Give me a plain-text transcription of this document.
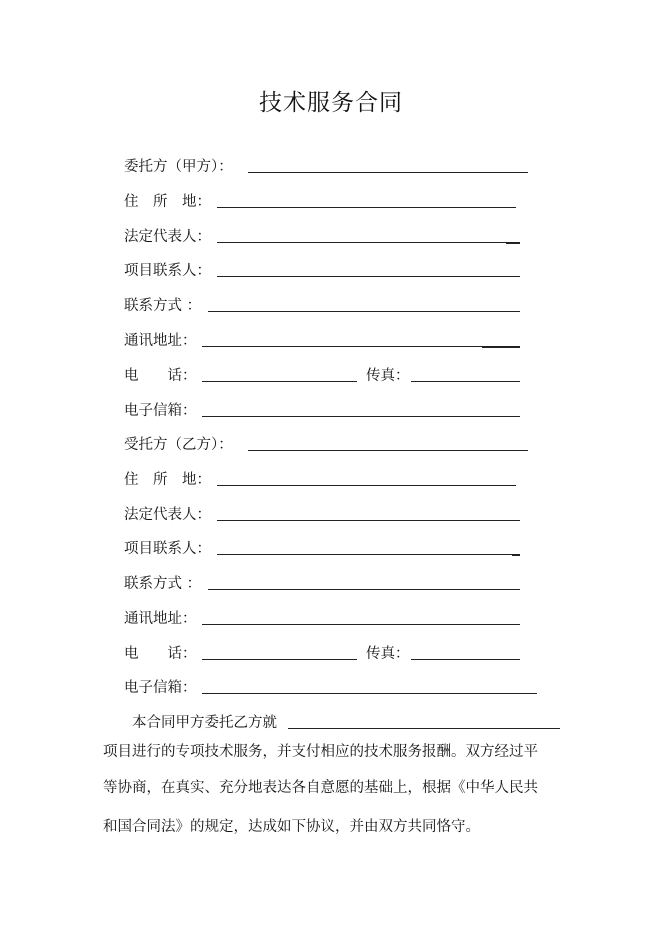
技术服务合同
委托方（甲方）：
住　所　地：
法定代表人：
项目联系人：
联系方式 ：
通讯地址：
电　　话：	传真：
电子信箱：
受托方（乙方）：
住　所　地：
法定代表人：
项目联系人：
联系方式 ：
通讯地址：
电　　话：	传真：
电子信箱：
本合同甲方委托乙方就
项目进行的专项技术服务，并支付相应的技术服务报酬。双方经过平
等协商，在真实、充分地表达各自意愿的基础上，根据《中华人民共
和国合同法》的规定，达成如下协议，并由双方共同恪守。
